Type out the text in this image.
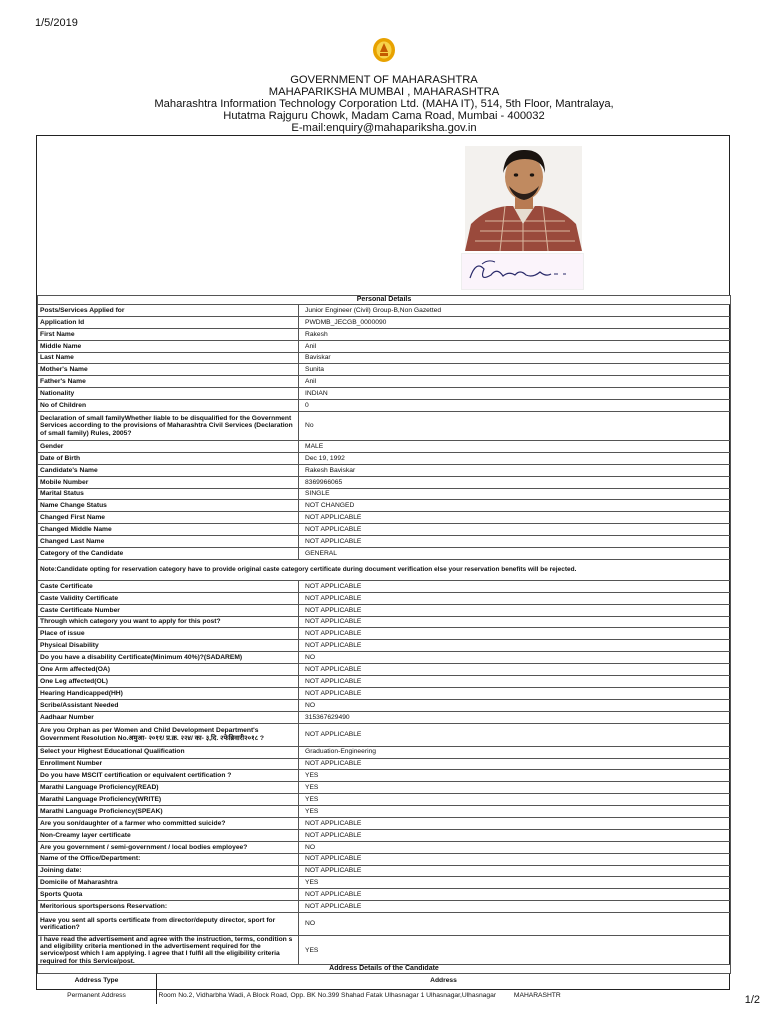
1/5/2019
GOVERNMENT OF MAHARASHTRA
MAHAPARIKSHA MUMBAI , MAHARASHTRA
Maharashtra Information Technology Corporation Ltd. (MAHA IT), 514, 5th Floor, Mantralaya,
Hutatma Rajguru Chowk, Madam Cama Road, Mumbai - 400032
E-mail:enquiry@mahapariksha.gov.in
Personal Details	
Posts/Services Applied for	Junior Engineer (Civil) Group-B,Non Gazetted
Application Id	PWDMB_JECGB_0000090
First Name	Rakesh
Middle Name	Anil
Last Name	Baviskar
Mother's Name	Sunita
Father's Name	Anil
Nationality	INDIAN
No of Children	0
Declaration of small familyWhether liable to be disqualified for the Government Services according to the provisions of Maharashtra Civil Services (Declaration of small family) Rules, 2005?	No
Gender	MALE
Date of Birth	Dec 19, 1992
Candidate's Name	Rakesh Baviskar
Mobile Number	8369966065
Marital Status	SINGLE
Name Change Status	NOT CHANGED
Changed First Name	NOT APPLICABLE
Changed Middle Name	NOT APPLICABLE
Changed Last Name	NOT APPLICABLE
Category of the Candidate	GENERAL
Note:Candidate opting for reservation category have to provide original caste category certificate during document verification else your reservation benefits will be rejected.	
Caste Certificate	NOT APPLICABLE
Caste Validity Certificate	NOT APPLICABLE
Caste Certificate Number	NOT APPLICABLE
Through which category you want to apply for this post?	NOT APPLICABLE
Place of issue	NOT APPLICABLE
Physical Disability	NOT APPLICABLE
Do you have a disability Certificate(Minimum 40%)?(SADAREM)	NO
One Arm affected(OA)	NOT APPLICABLE
One Leg affected(OL)	NOT APPLICABLE
Hearing Handicapped(HH)	NOT APPLICABLE
Scribe/Assistant Needed	NO
Aadhaar Number	315367629490
Are you Orphan as per Women and Child Development Department's Government Resolution No.अमुआ- २०११/ प्र.क्र. २२४/ का- ३,दि. २फेब्रिवारी२०१८ ?	NOT APPLICABLE
Select your Highest Educational Qualification	Graduation-Engineering
Enrollment Number	NOT APPLICABLE
Do you have MSCIT certification or equivalent certification ?	YES
Marathi Language Proficiency(READ)	YES
Marathi Language Proficiency(WRITE)	YES
Marathi Language Proficiency(SPEAK)	YES
Are you son/daughter of a farmer who committed suicide?	NOT APPLICABLE
Non-Creamy layer certificate	NOT APPLICABLE
Are you government / semi-government / local bodies employee?	NO
Name of the Office/Department:	NOT APPLICABLE
Joining date:	NOT APPLICABLE
Domicile of Maharashtra	YES
Sports Quota	NOT APPLICABLE
Meritorious sportspersons Reservation:	NOT APPLICABLE
Have you sent all sports certificate from director/deputy director, sport for verification?	NO
I have read the advertisement and agree with the instruction, terms, condition s and eligibility criteria mentioned in the advertisement required for the service/post which I am applying. I agree that I fulfil all the eligibility criteria required for this Service/post.	YES
Address Details of the Candidate	
Address Type	Address
Permanent Address	Room No.2, Vidharbha Wadi, A Block Road, Opp. BK No.399 Shahad Fatak Ulhasnagar 1 Ulhasnagar,Ulhasnagar MAHARASHTR	1/2
